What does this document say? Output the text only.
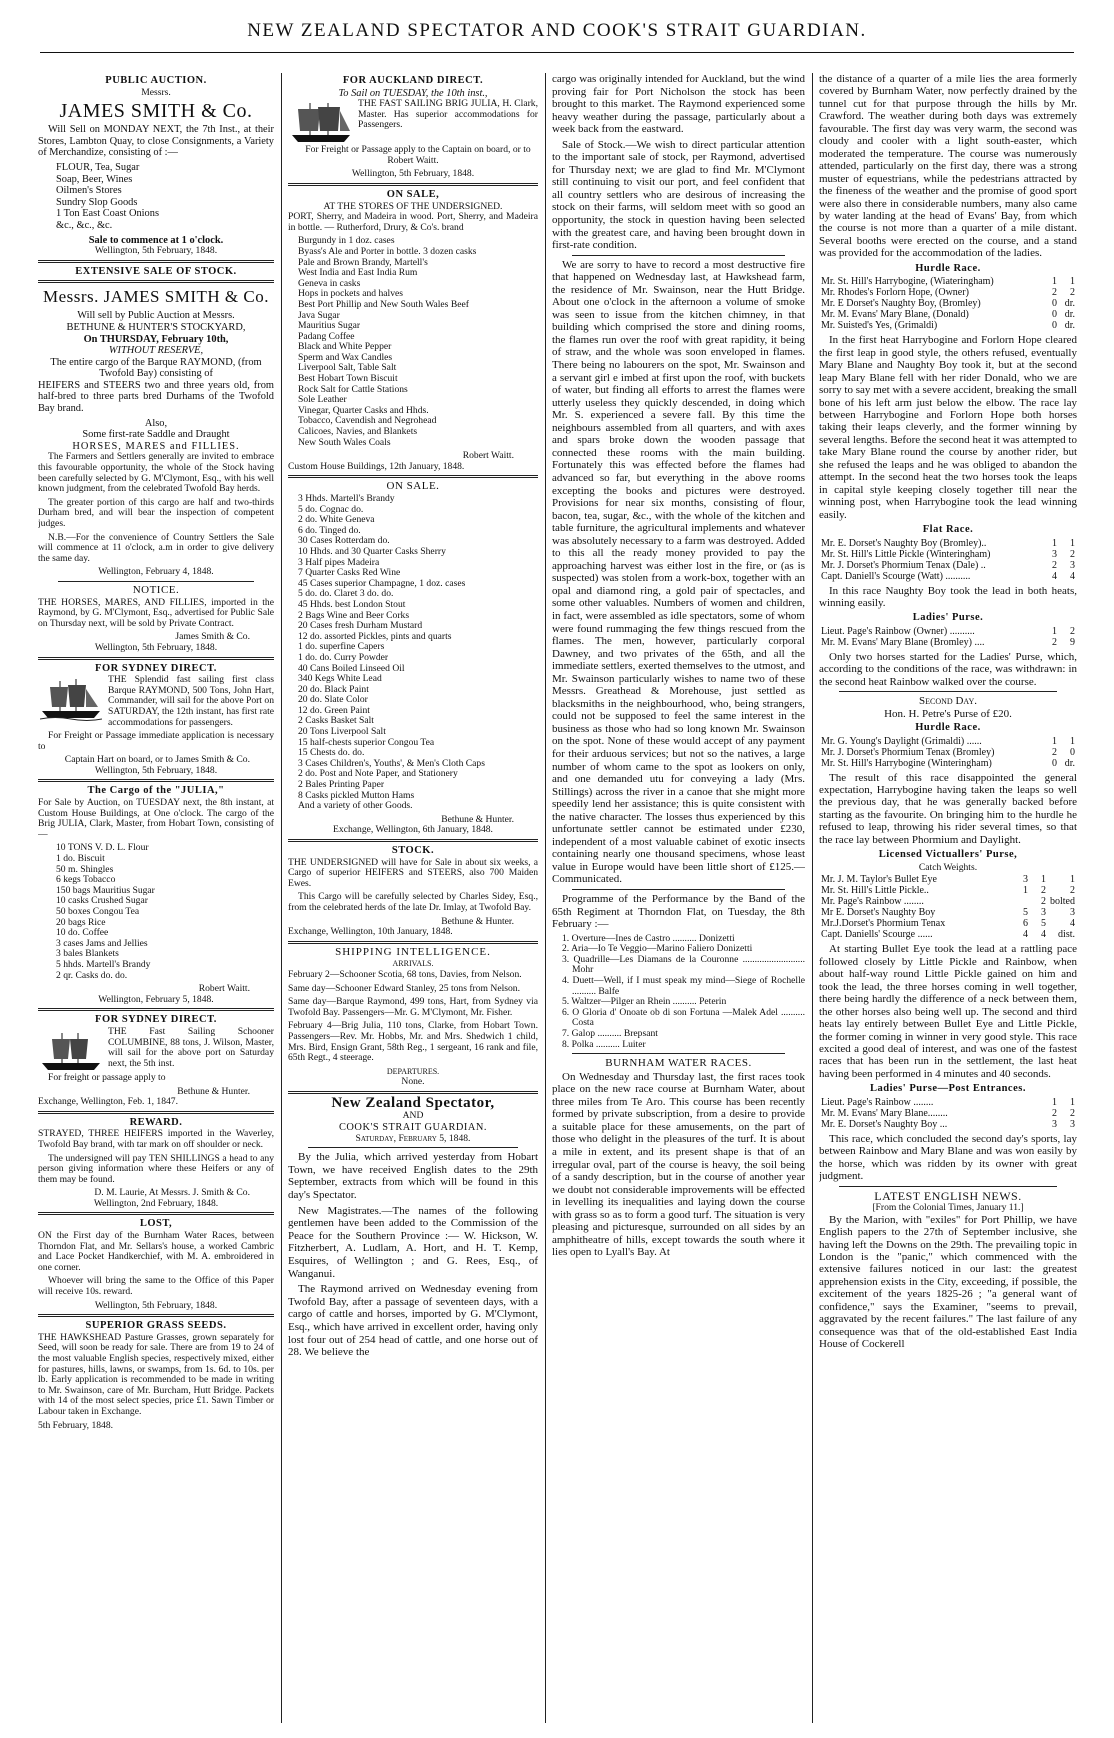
NEW ZEALAND SPECTATOR AND COOK'S STRAIT GUARDIAN.
PUBLIC AUCTION.
Messrs.
JAMES SMITH & Co.

Will Sell on MONDAY NEXT, the 7th Inst., at their Stores, Lambton Quay, to close Consignments, a Variety of Merchandize, consisting of :—

FLOUR, Tea, Sugar
Soap, Beer, Wines
Oilmen's Stores
Sundry Slop Goods
1 Ton East Coast Onions
&c., &c., &c.
Sale to commence at 1 o'clock.
Wellington, 5th February, 1848.
EXTENSIVE SALE OF STOCK.
Messrs. JAMES SMITH & Co.
Will sell by Public Auction at Messrs.
BETHUNE & HUNTER'S STOCKYARD,
On THURSDAY, February 10th,
WITHOUT RESERVE,
The entire cargo of the Barque RAYMOND, (from Twofold Bay) consisting of

HEIFERS and STEERS two and three years old, from half-bred to three parts bred Durhams of the Twofold Bay brand.

Also,
Some first-rate Saddle and Draught
HORSES, MARES and FILLIES.

The Farmers and Settlers generally are invited to embrace this favourable opportunity, the whole of the Stock having been carefully selected by G. M'Clymont, Esq., with his well known judgment, from the celebrated Twofold Bay herds.

The greater portion of this cargo are half and two-thirds Durham bred, and will bear the inspection of competent judges.

N.B.—For the convenience of Country Settlers the Sale will commence at 11 o'clock, a.m in order to give delivery the same day.

Wellington, February 4, 1848.
NOTICE.

THE HORSES, MARES, AND FILLIES, imported in the Raymond, by G. M'Clymont, Esq., advertised for Public Sale on Thursday next, will be sold by Private Contract.

James Smith & Co.
Wellington, 5th February, 1848.
FOR SYDNEY DIRECT.

THE Splendid fast sailing first class Barque RAYMOND, 500 Tons, John Hart, Commander, will sail for the above Port on SATURDAY, the 12th instant, has first rate accommodations for passengers.

For Freight or Passage immediate application is necessary to

Captain Hart on board, or to James Smith & Co.
Wellington, 5th February, 1848.
The Cargo of the "JULIA,"

For Sale by Auction, on TUESDAY next, the 8th instant, at Custom House Buildings, at One o'clock. The cargo of the Brig JULIA, Clark, Master, from Hobart Town, consisting of—

10 TONS V. D. L. Flour
1 do. Biscuit
50 m. Shingles
6 kegs Tobacco
150 bags Mauritius Sugar
10 casks Crushed Sugar
50 boxes Congou Tea
20 bags Rice
10 do. Coffee
3 cases Jams and Jellies
3 bales Blankets
5 hhds. Martell's Brandy
2 qr. Casks do. do.
Robert Waitt.
Wellington, February 5, 1848.
FOR SYDNEY DIRECT.

THE Fast Sailing Schooner COLUMBINE, 88 tons, J. Wilson, Master, will sail for the above port on Saturday next, the 5th inst.

For freight or passage apply to

Bethune & Hunter.
Exchange, Wellington, Feb. 1, 1847.
REWARD.

STRAYED, THREE HEIFERS imported in the Waverley, Twofold Bay brand, with tar mark on off shoulder or neck.

The undersigned will pay TEN SHILLINGS a head to any person giving information where these Heifers or any of them may be found.

D. M. Laurie, At Messrs. J. Smith & Co.
Wellington, 2nd February, 1848.
LOST,

ON the First day of the Burnham Water Races, between Thorndon Flat, and Mr. Sellars's house, a worked Cambric and Lace Pocket Handkerchief, with M. A. embroidered in one corner.

Whoever will bring the same to the Office of this Paper will receive 10s. reward.

Wellington, 5th February, 1848.
SUPERIOR GRASS SEEDS.

THE HAWKSHEAD Pasture Grasses, grown separately for Seed, will soon be ready for sale. There are from 19 to 24 of the most valuable English species, respectively mixed, either for pastures, hills, lawns, or swamps, from 1s. 6d. to 10s. per lb. Early application is recommended to be made in writing to Mr. Swainson, care of Mr. Burcham, Hutt Bridge. Packets with 14 of the most select species, price £1. Sawn Timber or Labour taken in Exchange.

5th February, 1848.
FOR AUCKLAND DIRECT.
To Sail on TUESDAY, the 10th inst.,

THE FAST SAILING BRIG JULIA, H. Clark, Master. Has superior accommodations for Passengers.

For Freight or Passage apply to the Captain on board, or to Robert Waitt.

Wellington, 5th February, 1848.
ON SALE,
AT THE STORES OF THE UNDERSIGNED.

PORT, Sherry, and Madeira in wood. Port, Sherry, and Madeira in bottle. — Rutherford, Drury, & Co's. brand

Burgundy in 1 doz. cases
Byass's Ale and Porter in bottle. 3 dozen casks
Pale and Brown Brandy, Martell's
West India and East India Rum
Geneva in casks
Hops in pockets and halves
Best Port Phillip and New South Wales Beef
Java Sugar
Mauritius Sugar
Padang Coffee
Black and White Pepper
Sperm and Wax Candles
Liverpool Salt, Table Salt
Best Hobart Town Biscuit
Rock Salt for Cattle Stations
Sole Leather
Vinegar, Quarter Casks and Hhds.
Tobacco, Cavendish and Negrohead
Calicoes, Navies, and Blankets
New South Wales Coals
Robert Waitt.
Custom House Buildings, 12th January, 1848.
ON SALE.
3 Hhds. Martell's Brandy
5 do. Cognac do.
2 do. White Geneva
6 do. Tinged do.
30 Cases Rotterdam do.
10 Hhds. and 30 Quarter Casks Sherry
3 Half pipes Madeira
7 Quarter Casks Red Wine
45 Cases superior Champagne, 1 doz. cases
5 do. do. Claret 3 do. do.
45 Hhds. best London Stout
2 Bags Wine and Beer Corks
20 Cases fresh Durham Mustard
12 do. assorted Pickles, pints and quarts
1 do. superfine Capers
1 do. do. Curry Powder
40 Cans Boiled Linseed Oil
340 Kegs White Lead
20 do. Black Paint
20 do. Slate Color
12 do. Green Paint
2 Casks Basket Salt
20 Tons Liverpool Salt
15 half-chests superior Congou Tea
15 Chests do. do.
3 Cases Children's, Youths', & Men's Cloth Caps
2 do. Post and Note Paper, and Stationery
2 Bales Printing Paper
8 Casks pickled Mutton Hams
And a variety of other Goods.
Bethune & Hunter.
Exchange, Wellington, 6th January, 1848.
STOCK.

THE UNDERSIGNED will have for Sale in about six weeks, a Cargo of superior HEIFERS and STEERS, also 700 Maiden Ewes.

This Cargo will be carefully selected by Charles Sidey, Esq., from the celebrated herds of the late Dr. Imlay, at Twofold Bay.

Bethune & Hunter.
Exchange, Wellington, 10th January, 1848.
SHIPPING INTELLIGENCE.
ARRIVALS.

February 2—Schooner Scotia, 68 tons, Davies, from Nelson.

Same day—Schooner Edward Stanley, 25 tons from Nelson.

Same day—Barque Raymond, 499 tons, Hart, from Sydney via Twofold Bay. Passengers—Mr. G. M'Clymont, Mr. Fisher.

February 4—Brig Julia, 110 tons, Clarke, from Hobart Town. Passengers—Rev. Mr. Hobbs, Mr. and Mrs. Shedwich 1 child, Mrs. Bird, Ensign Grant, 58th Reg., 1 sergeant, 16 rank and file, 65th Regt., 4 steerage.

DEPARTURES.
None.
New Zealand Spectator,
AND
COOK'S STRAIT GUARDIAN.
Saturday, February 5, 1848.

By the Julia, which arrived yesterday from Hobart Town, we have received English dates to the 29th September, extracts from which will be found in this day's Spectator.

New Magistrates.—The names of the following gentlemen have been added to the Commission of the Peace for the Southern Province :— W. Hickson, W. Fitzherbert, A. Ludlam, A. Hort, and H. T. Kemp, Esquires, of Wellington ; and G. Rees, Esq., of Wanganui.

The Raymond arrived on Wednesday evening from Twofold Bay, after a passage of seventeen days, with a cargo of cattle and horses, imported by G. M'Clymont, Esq., which have arrived in excellent order, having only lost four out of 254 head of cattle, and one horse out of 28. We believe the

cargo was originally intended for Auckland, but the wind proving fair for Port Nicholson the stock has been brought to this market. The Raymond experienced some heavy weather during the passage, particularly about a week back from the eastward.

Sale of Stock.—We wish to direct particular attention to the important sale of stock, per Raymond, advertised for Thursday next; we are glad to find Mr. M'Clymont still continuing to visit our port, and feel confident that all country settlers who are desirous of increasing the stock on their farms, will seldom meet with so good an opportunity, the stock in question having been selected with the greatest care, and having been brought down in first-rate condition.

We are sorry to have to record a most destructive fire that happened on Wednesday last, at Hawkshead farm, the residence of Mr. Swainson, near the Hutt Bridge. About one o'clock in the afternoon a volume of smoke was seen to issue from the kitchen chimney, in that building which comprised the store and dining rooms, the flames run over the roof with great rapidity, it being of straw, and the whole was soon enveloped in flames. There being no labourers on the spot, Mr. Swainson and a servant girl e imbed at first upon the roof, with buckets of water, but finding all efforts to arrest the flames were utterly useless they quickly descended, in doing which Mr. S. experienced a severe fall. By this time the neighbours assembled from all quarters, and with axes and spars broke down the wooden passage that connected these rooms with the main building. Fortunately this was effected before the flames had advanced so far, but everything in the above rooms excepting the books and pictures were destroyed. Provisions for near six months, consisting of flour, bacon, tea, sugar, &c., with the whole of the kitchen and table furniture, the agricultural implements and whatever was absolutely necessary to a farm was destroyed. Added to this all the ready money provided to pay the approaching harvest was either lost in the fire, or (as is suspected) was stolen from a work-box, together with an opal and diamond ring, a gold pair of spectacles, and some other valuables. Numbers of women and children, in fact, were assembled as idle spectators, some of whom were found rummaging the few things rescued from the flames. The men, however, particularly corporal Dawney, and two privates of the 65th, and all the immediate settlers, exerted themselves to the utmost, and Mr. Swainson particularly wishes to name two of these Messrs. Greathead & Morehouse, just settled as blacksmiths in the neighbourhood, who, being strangers, could not be supposed to feel the same interest in the business as those who had so long known Mr. Swainson on the spot. None of these would accept of any payment for their arduous services; but not so the natives, a large number of whom came to the spot as lookers on only, and one demanded utu for conveying a lady (Mrs. Stillings) across the river in a canoe that she might more speedily lend her assistance; this is quite consistent with the native character. The losses thus experienced by this unfortunate settler cannot be estimated under £230, independent of a most valuable cabinet of exotic insects containing nearly one thousand specimens, whose least value in Europe would have been little short of £125.—Communicated.

Programme of the Performance by the Band of the 65th Regiment at Thorndon Flat, on Tuesday, the 8th February :—

1. Overture—Ines de Castro .......... Donizetti
2. Aria—Io Te Veggio—Marino Faliero Donizetti
3. Quadrille—Les Diamans de la Couronne .......................... Mohr
4. Duett—Well, if I must speak my mind—Siege of Rochelle .......... Balfe
5. Waltzer—Pilger an Rhein .......... Peterin
6. O Gloria d' Onoate ob di son Fortuna —Malek Adel .......... Costa
7. Galop .......... Brepsant
8. Polka .......... Luiter
BURNHAM WATER RACES.

On Wednesday and Thursday last, the first races took place on the new race course at Burnham Water, about three miles from Te Aro. This course has been recently formed by private subscription, from a desire to provide a suitable place for these amusements, on the part of those who delight in the pleasures of the turf. It is about a mile in extent, and its present shape is that of an irregular oval, part of the course is heavy, the soil being of a sandy description, but in the course of another year we doubt not considerable improvements will be effected in levelling its inequalities and laying down the course with grass so as to form a good turf. The situation is very pleasing and picturesque, surrounded on all sides by an amphitheatre of hills, except towards the south where it lies open to Lyall's Bay. At

the distance of a quarter of a mile lies the area formerly covered by Burnham Water, now perfectly drained by the tunnel cut for that purpose through the hills by Mr. Crawford. The weather during both days was extremely favourable. The first day was very warm, the second was cloudy and cooler with a light south-easter, which moderated the temperature. The course was numerously attended, particularly on the first day, there was a strong muster of equestrians, while the pedestrians attracted by the fineness of the weather and the promise of good sport were also there in considerable numbers, many also came by water landing at the head of Evans' Bay, from which the course is not more than a quarter of a mile distant. Several booths were erected on the course, and a stand was provided for the accommodation of the ladies.

Hurdle Race.
Mr. St. Hill's Harrybogine, (Wiateringham)	1	1
Mr. Rhodes's Forlorn Hope, (Owner)	2	2
Mr. E Dorset's Naughty Boy, (Bromley)	0	dr.
Mr. M. Evans' Mary Blane, (Donald)	0	dr.
Mr. Suisted's Yes, (Grimaldi)	0	dr.

In the first heat Harrybogine and Forlorn Hope cleared the first leap in good style, the others refused, eventually Mary Blane and Naughty Boy took it, but at the second leap Mary Blane fell with her rider Donald, who we are sorry to say met with a severe accident, breaking the small bone of his left arm just below the elbow. The race lay between Harrybogine and Forlorn Hope both horses taking their leaps cleverly, and the former winning by several lengths. Before the second heat it was attempted to take Mary Blane round the course by another rider, but she refused the leaps and he was obliged to abandon the attempt. In the second heat the two horses took the leaps in capital style keeping closely together till near the winning post, when Harrybogine took the lead winning easily.

Flat Race.
Mr. E. Dorset's Naughty Boy (Bromley)..	1	1
Mr. St. Hill's Little Pickle (Winteringham)	3	2
Mr. J. Dorset's Phormium Tenax (Dale) ..	2	3
Capt. Daniell's Scourge (Watt) ..........	4	4

In this race Naughty Boy took the lead in both heats, winning easily.

Ladies' Purse.
Lieut. Page's Rainbow (Owner) ..........	1	2
Mr. M. Evans' Mary Blane (Bromley) ....	2	9

Only two horses started for the Ladies' Purse, which, according to the conditions of the race, was withdrawn: in the second heat Rainbow walked over the course.

Second Day.
Hon. H. Petre's Purse of £20.
Hurdle Race.
Mr. G. Young's Daylight (Grimaldi) ......	1	1
Mr. J. Dorset's Phormium Tenax (Bromley)	2	0
Mr. St. Hill's Harrybogine (Winteringham)	0	dr.

The result of this race disappointed the general expectation, Harrybogine having taken the leaps so well the previous day, that he was generally backed before starting as the favourite. On bringing him to the hurdle he refused to leap, throwing his rider several times, so that the race lay between Phormium and Daylight.

Licensed Victuallers' Purse,
Catch Weights.
Mr. J. M. Taylor's Bullet Eye	3	1	1
Mr. St. Hill's Little Pickle..	1	2	2
Mr. Page's Rainbow ........		2	bolted
Mr E. Dorset's Naughty Boy	5	3	3
Mr.J.Dorset's Phormium Tenax	6	5	4
Capt. Daniells' Scourge ......	4	4	dist.

At starting Bullet Eye took the lead at a rattling pace followed closely by Little Pickle and Rainbow, when about half-way round Little Pickle gained on him and took the lead, the three horses coming in well together, there being hardly the difference of a neck between them, the other horses also being well up. The second and third heats lay entirely between Bullet Eye and Little Pickle, the former coming in winner in very good style. This race excited a good deal of interest, and was one of the fastest races that has been run in the settlement, the last heat having been performed in 4 minutes and 40 seconds.

Ladies' Purse—Post Entrances.
Lieut. Page's Rainbow ........	1	1
Mr. M. Evans' Mary Blane........	2	2
Mr. E. Dorset's Naughty Boy ...	3	3

This race, which concluded the second day's sports, lay between Rainbow and Mary Blane and was won easily by the horse, which was ridden by its owner with great judgment.

LATEST ENGLISH NEWS.
[From the Colonial Times, January 11.]

By the Marion, with "exiles" for Port Phillip, we have English papers to the 27th of September inclusive, she having left the Downs on the 29th. The prevailing topic in London is the "panic," which commenced with the extensive failures noticed in our last: the greatest apprehension exists in the City, exceeding, if possible, the excitement of the years 1825-26 ; "a general want of confidence," says the Examiner, "seems to prevail, aggravated by the recent failures." The last failure of any consequence was that of the old-established East India House of Cockerell
